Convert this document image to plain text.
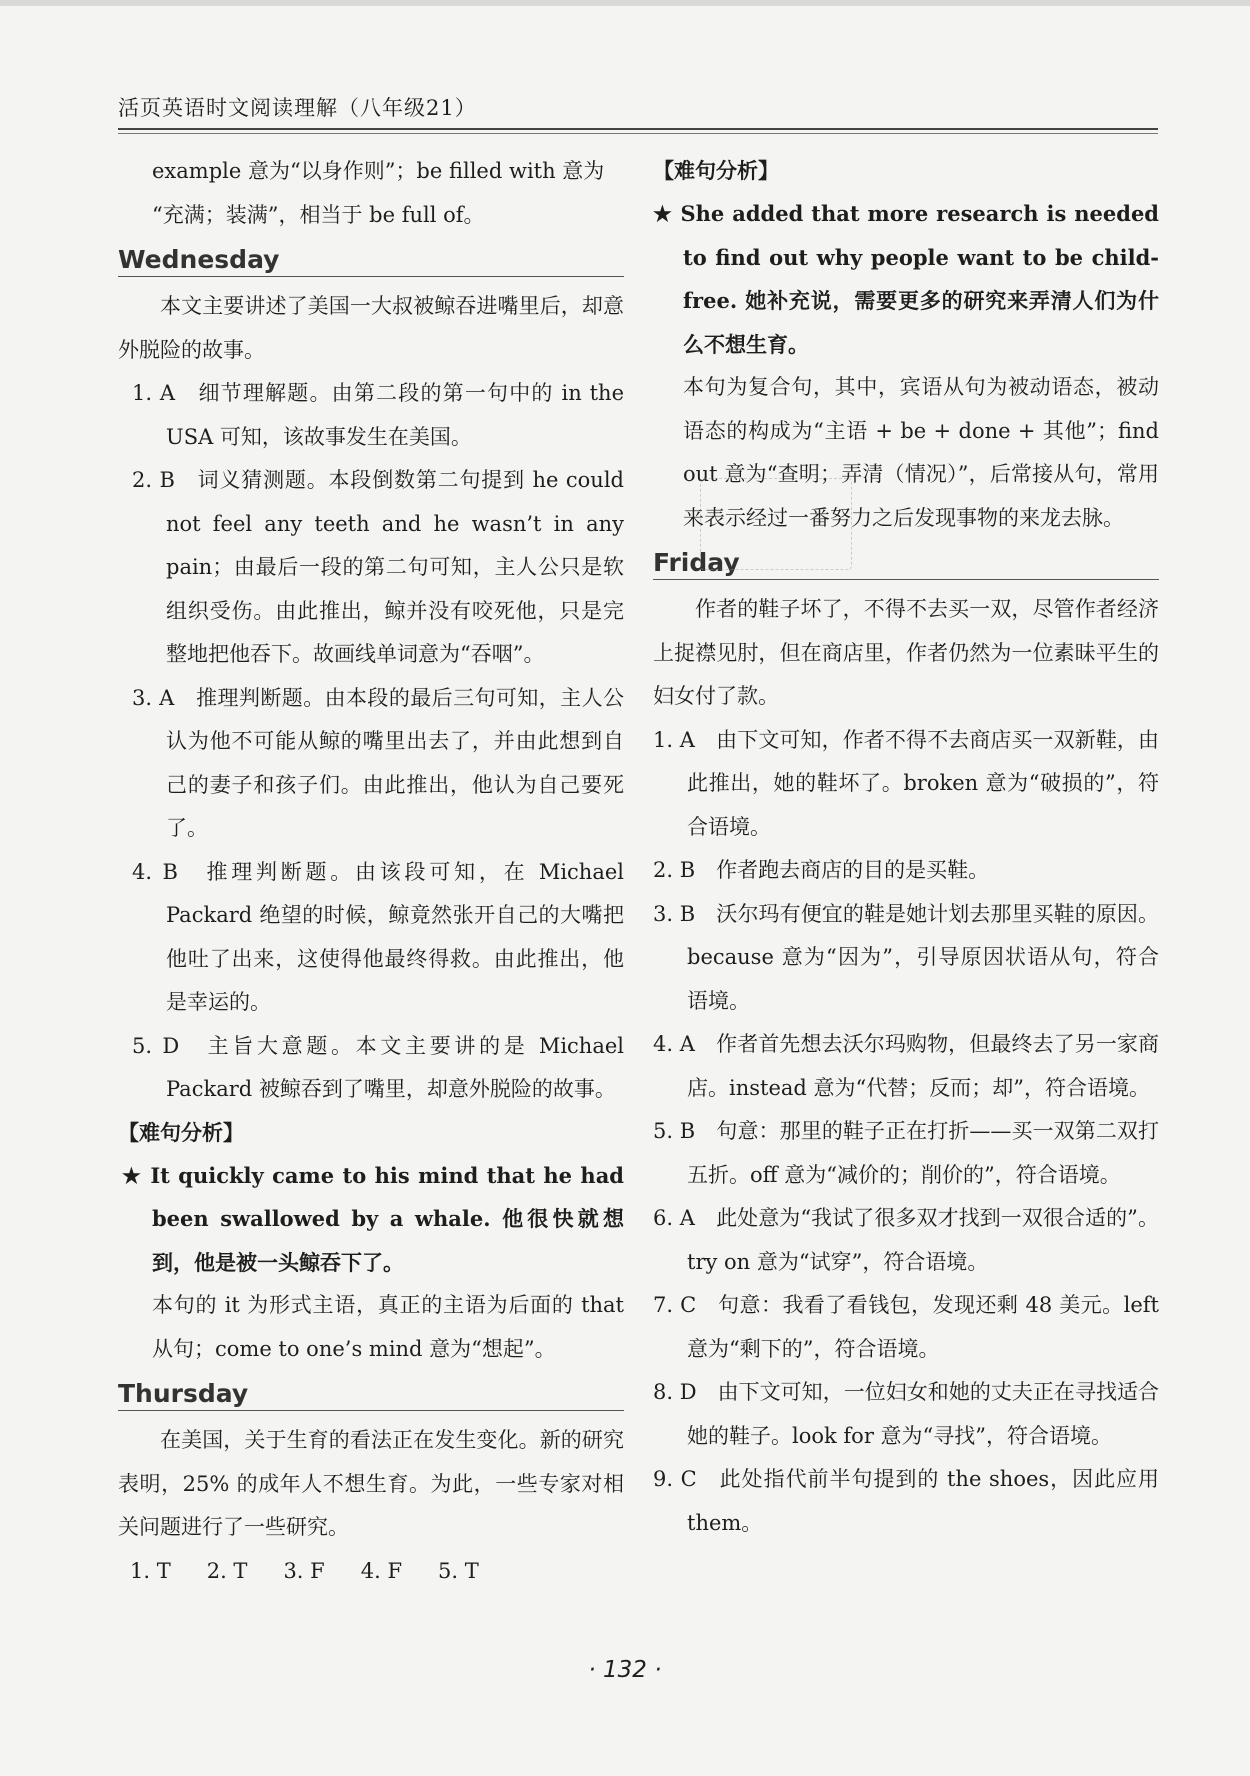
活页英语时文阅读理解（八年级21）

example 意为“以身作则”；be filled with 意为

“充满；装满”，相当于 be full of。

Wednesday

本文主要讲述了美国一大叔被鲸吞进嘴里后，却意外脱险的故事。

1. A　细节理解题。由第二段的第一句中的 in the USA 可知，该故事发生在美国。

2. B　词义猜测题。本段倒数第二句提到 he could not feel any teeth and he wasn’t in any pain；由最后一段的第二句可知，主人公只是软组织受伤。由此推出，鲸并没有咬死他，只是完整地把他吞下。故画线单词意为“吞咽”。

3. A　推理判断题。由本段的最后三句可知，主人公认为他不可能从鲸的嘴里出去了，并由此想到自己的妻子和孩子们。由此推出，他认为自己要死了。

4. B　推理判断题。由该段可知，在 Michael Packard 绝望的时候，鲸竟然张开自己的大嘴把他吐了出来，这使得他最终得救。由此推出，他是幸运的。

5. D　主旨大意题。本文主要讲的是 Michael Packard 被鲸吞到了嘴里，却意外脱险的故事。

【难句分析】

★ It quickly came to his mind that he had been swallowed by a whale. 他很快就想到，他是被一头鲸吞下了。

本句的 it 为形式主语，真正的主语为后面的 that 从句；come to one’s mind 意为“想起”。

Thursday

在美国，关于生育的看法正在发生变化。新的研究表明，25% 的成年人不想生育。为此，一些专家对相关问题进行了一些研究。

1. T 2. T 3. F 4. F 5. T

【难句分析】

★ She added that more research is needed to find out why people want to be child-free. 她补充说，需要更多的研究来弄清人们为什么不想生育。

本句为复合句，其中，宾语从句为被动语态，被动语态的构成为“主语 + be + done + 其他”；find out 意为“查明；弄清（情况）”，后常接从句，常用来表示经过一番努力之后发现事物的来龙去脉。

Friday

作者的鞋子坏了，不得不去买一双，尽管作者经济上捉襟见肘，但在商店里，作者仍然为一位素昧平生的妇女付了款。

1. A　由下文可知，作者不得不去商店买一双新鞋，由此推出，她的鞋坏了。broken 意为“破损的”，符合语境。

2. B　作者跑去商店的目的是买鞋。

3. B　沃尔玛有便宜的鞋是她计划去那里买鞋的原因。because 意为“因为”，引导原因状语从句，符合语境。

4. A　作者首先想去沃尔玛购物，但最终去了另一家商店。instead 意为“代替；反而；却”，符合语境。

5. B　句意：那里的鞋子正在打折——买一双第二双打五折。off 意为“减价的；削价的”，符合语境。

6. A　此处意为“我试了很多双才找到一双很合适的”。try on 意为“试穿”，符合语境。

7. C　句意：我看了看钱包，发现还剩 48 美元。left 意为“剩下的”，符合语境。

8. D　由下文可知，一位妇女和她的丈夫正在寻找适合她的鞋子。look for 意为“寻找”，符合语境。

9. C　此处指代前半句提到的 the shoes，因此应用 them。

· 132 ·
